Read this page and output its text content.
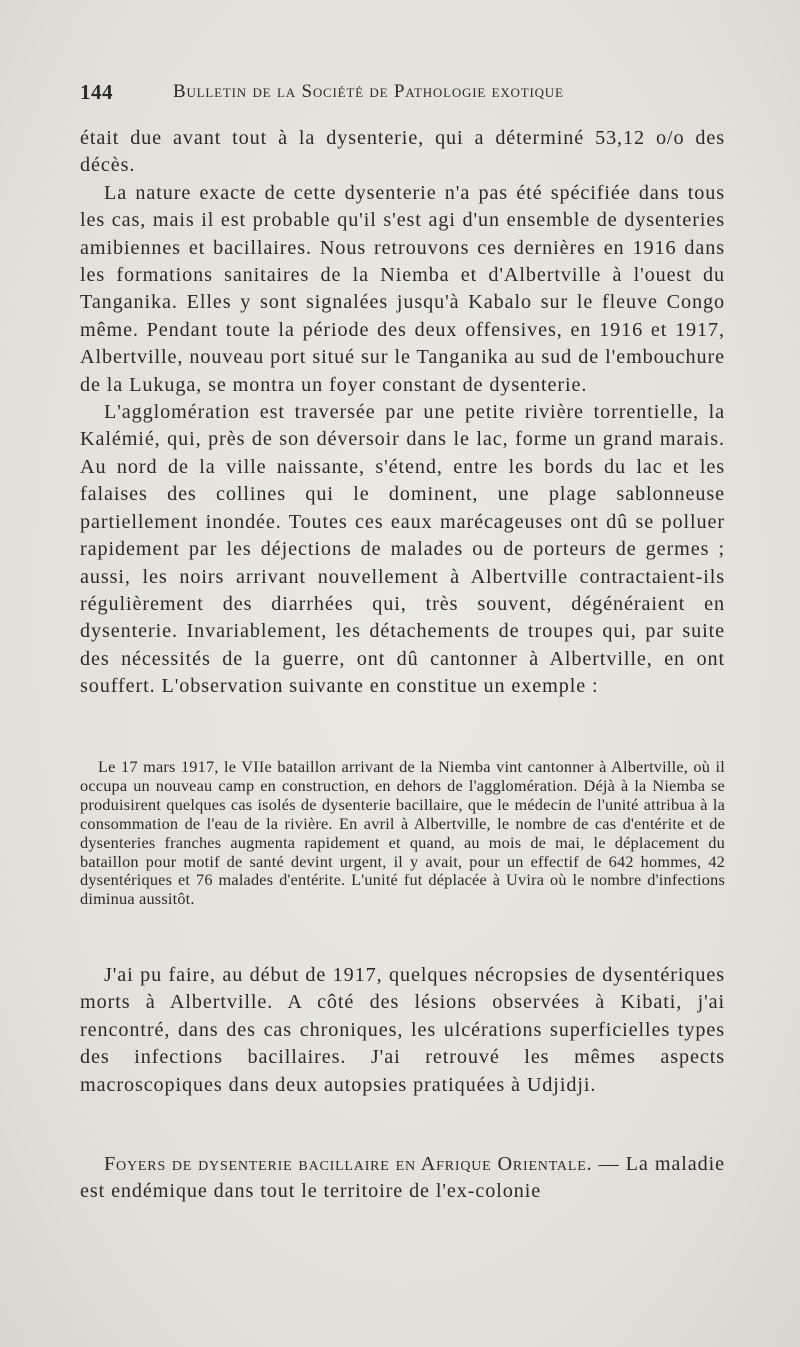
144	Bulletin de la Société de Pathologie exotique

était due avant tout à la dysenterie, qui a déterminé 53,12 o/o des décès.

La nature exacte de cette dysenterie n'a pas été spécifiée dans tous les cas, mais il est probable qu'il s'est agi d'un ensemble de dysenteries amibiennes et bacillaires. Nous retrouvons ces dernières en 1916 dans les formations sanitaires de la Niemba et d'Albertville à l'ouest du Tanganika. Elles y sont signalées jusqu'à Kabalo sur le fleuve Congo même. Pendant toute la période des deux offensives, en 1916 et 1917, Albertville, nouveau port situé sur le Tanganika au sud de l'embouchure de la Lukuga, se montra un foyer constant de dysenterie.

L'agglomération est traversée par une petite rivière torrentielle, la Kalémié, qui, près de son déversoir dans le lac, forme un grand marais. Au nord de la ville naissante, s'étend, entre les bords du lac et les falaises des collines qui le dominent, une plage sablonneuse partiellement inondée. Toutes ces eaux marécageuses ont dû se polluer rapidement par les déjections de malades ou de porteurs de germes ; aussi, les noirs arrivant nouvellement à Albertville contractaient-ils régulièrement des diarrhées qui, très souvent, dégénéraient en dysenterie. Invariablement, les détachements de troupes qui, par suite des nécessités de la guerre, ont dû cantonner à Albertville, en ont souffert. L'observation suivante en constitue un exemple :

Le 17 mars 1917, le VIIe bataillon arrivant de la Niemba vint cantonner à Albertville, où il occupa un nouveau camp en construction, en dehors de l'agglomération. Déjà à la Niemba se produisirent quelques cas isolés de dysenterie bacillaire, que le médecin de l'unité attribua à la consommation de l'eau de la rivière. En avril à Albertville, le nombre de cas d'entérite et de dysenteries franches augmenta rapidement et quand, au mois de mai, le déplacement du bataillon pour motif de santé devint urgent, il y avait, pour un effectif de 642 hommes, 42 dysentériques et 76 malades d'entérite. L'unité fut déplacée à Uvira où le nombre d'infections diminua aussitôt.

J'ai pu faire, au début de 1917, quelques nécropsies de dysentériques morts à Albertville. A côté des lésions observées à Kibati, j'ai rencontré, dans des cas chroniques, les ulcérations superficielles types des infections bacillaires. J'ai retrouvé les mêmes aspects macroscopiques dans deux autopsies pratiquées à Udjidji.

Foyers de dysenterie bacillaire en Afrique Orientale. — La maladie est endémique dans tout le territoire de l'ex-colonie
